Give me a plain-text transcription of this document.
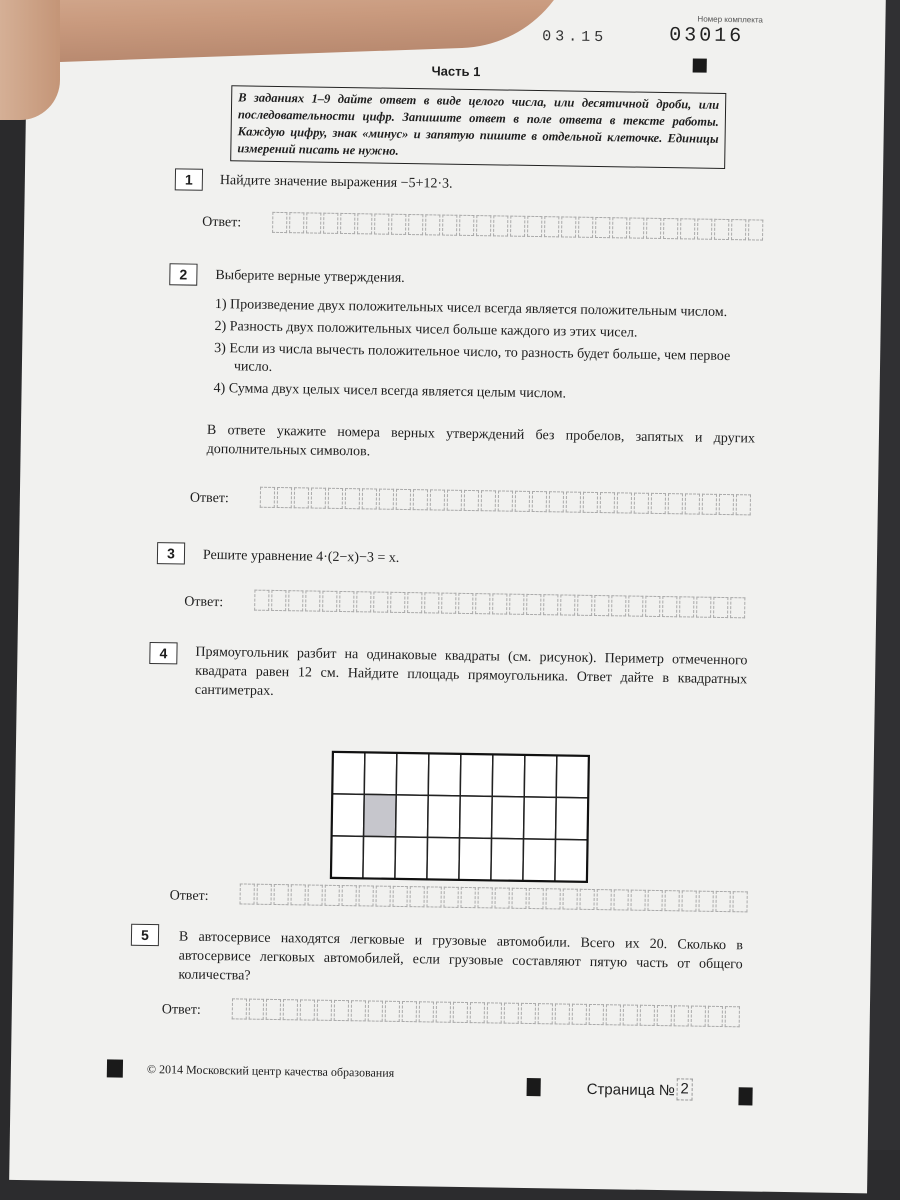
Номер комплекта
03016
03.15
Часть 1
В заданиях 1–9 дайте ответ в виде целого числа, или десятичной дроби, или последовательности цифр. Запишите ответ в поле ответа в тексте работы. Каждую цифру, знак «минус» и запятую пишите в отдельной клеточке. Единицы измерений писать не нужно.
1	Найдите значение выражения −5+12·3.
Ответ:
2	Выберите верные утверждения.
1) Произведение двух положительных чисел всегда является положительным числом.
2) Разность двух положительных чисел больше каждого из этих чисел.
3) Если из числа вычесть положительное число, то разность будет больше, чем первое число.
4) Сумма двух целых чисел всегда является целым числом.
В ответе укажите номера верных утверждений без пробелов, запятых и других дополнительных символов.
Ответ:
3	Решите уравнение 4·(2−x)−3 = x.
Ответ:
4	Прямоугольник разбит на одинаковые квадраты (см. рисунок). Периметр отмеченного квадрата равен 12 см. Найдите площадь прямоугольника. Ответ дайте в квадратных сантиметрах.
Ответ:
5	В автосервисе находятся легковые и грузовые автомобили. Всего их 20. Сколько в автосервисе легковых автомобилей, если грузовые составляют пятую часть от общего количества?
Ответ:
© 2014 Московский центр качества образования
Страница № 2
